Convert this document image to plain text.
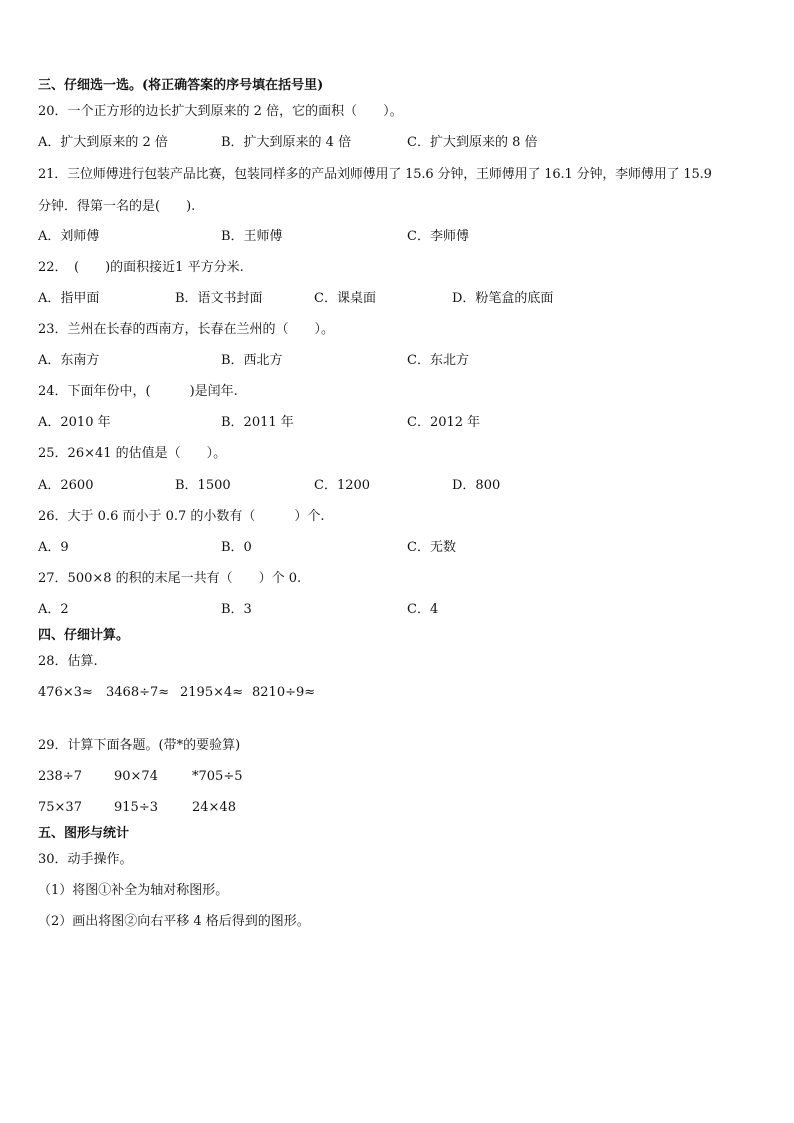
三、仔细选一选。(将正确答案的序号填在括号里)
20．一个正方形的边长扩大到原来的 2 倍，它的面积（　　）。
A．扩大到原来的 2 倍	B．扩大到原来的 4 倍	C．扩大到原来的 8 倍
21．三位师傅进行包装产品比赛，包装同样多的产品刘师傅用了 15.6 分钟，王师傅用了 16.1 分钟，李师傅用了 15.9
分钟．得第一名的是(　　).
A．刘师傅	B．王师傅	C．李师傅
22．　(　　)的面积接近1 平方分米.
A．指甲面	B．语文书封面	C．课桌面	D．粉笔盒的底面
23．兰州在长春的西南方，长春在兰州的（　　）。
A．东南方	B．西北方	C．东北方
24．下面年份中，(　　　)是闰年.
A．2010 年	B．2011 年	C．2012 年
25．26×41 的估值是（　　）。
A．2600	B．1500	C．1200	D．800
26．大于 0.6 而小于 0.7 的小数有（　　　）个.
A．9	B．0	C．无数
27．500×8 的积的末尾一共有（　　）个 0.
A．2	B．3	C．4
四、仔细计算。
28．估算.
476×3≈ 3468÷7≈ 2195×4≈ 8210÷9≈
29．计算下面各题。(带*的要验算)
238÷7 90×74	*705÷5
75×37 915÷3	24×48
五、图形与统计
30．动手操作。
（1）将图①补全为轴对称图形。
（2）画出将图②向右平移 4 格后得到的图形。
